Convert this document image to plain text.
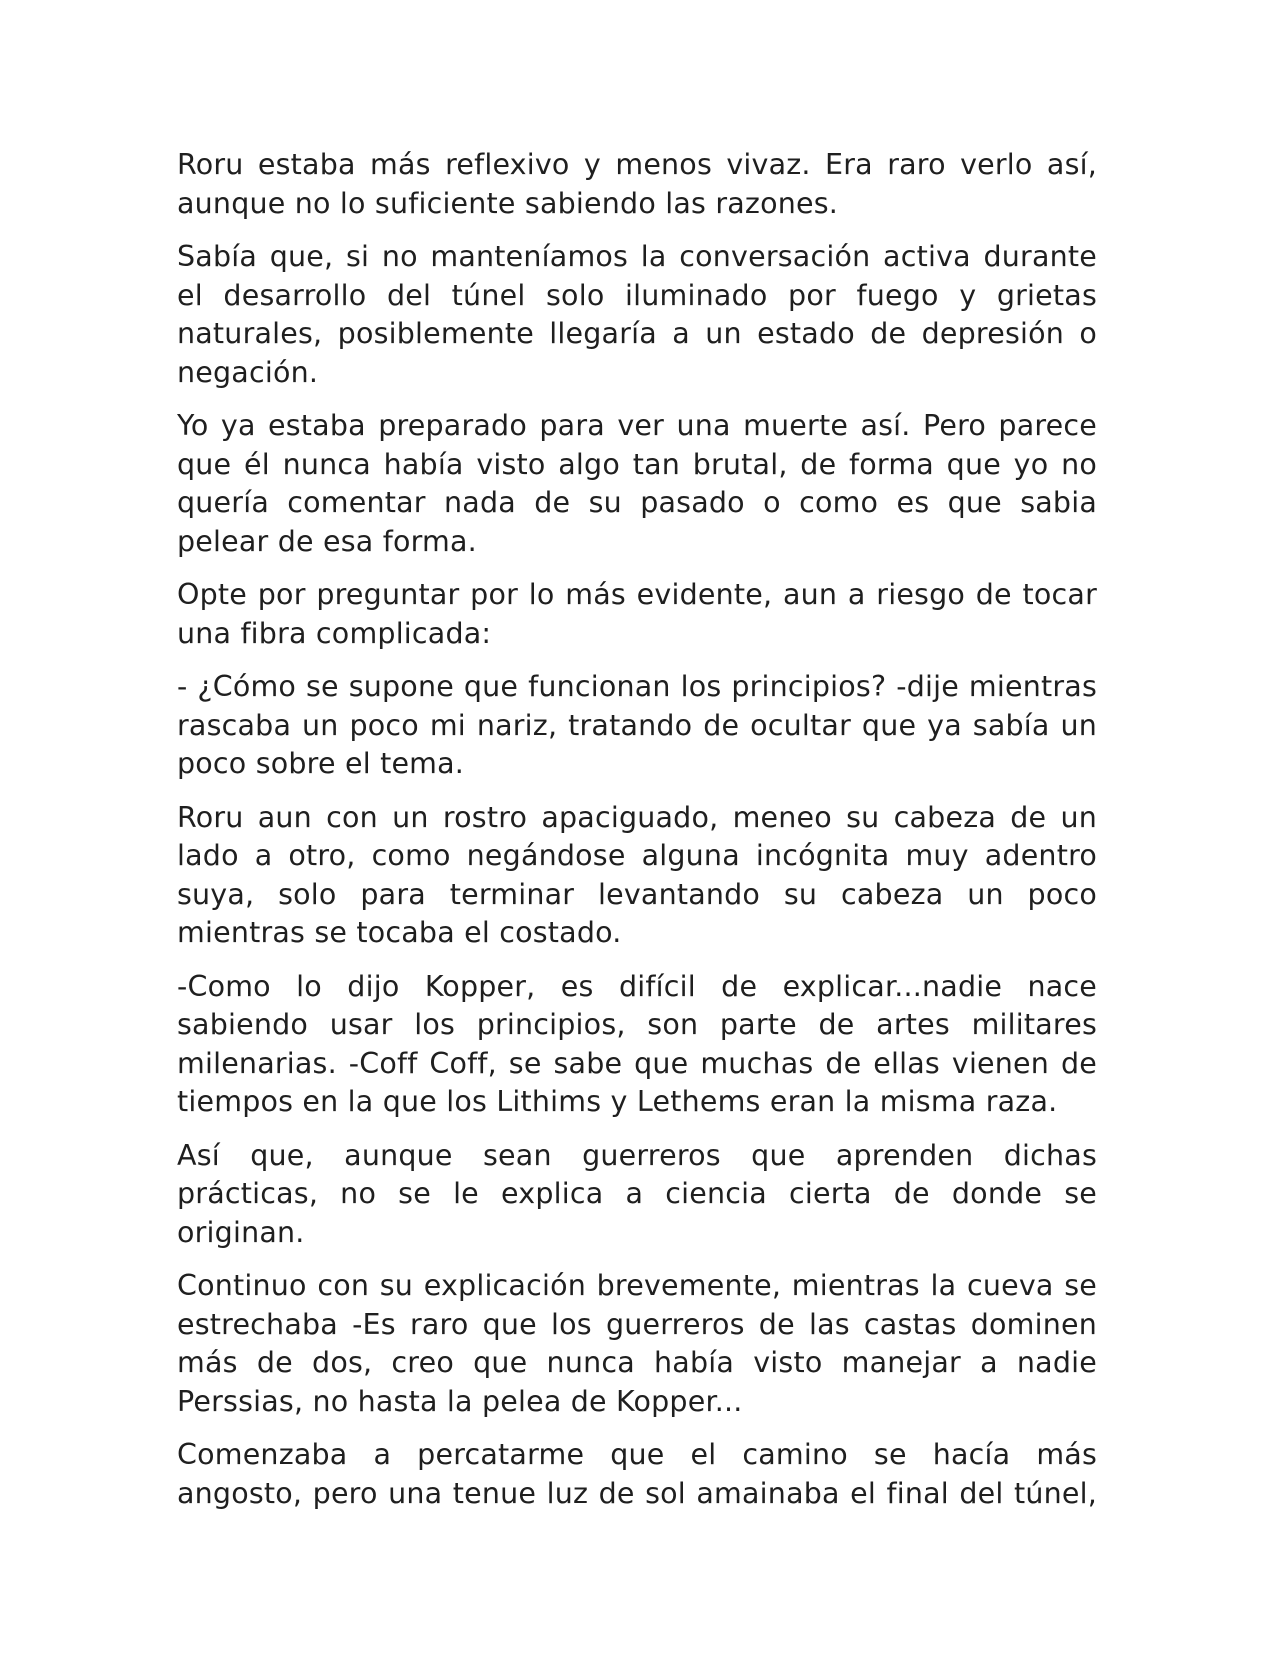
Roru estaba más reflexivo y menos vivaz. Era raro verlo así, aunque no lo suficiente sabiendo las razones.

Sabía que, si no manteníamos la conversación activa durante el desarrollo del túnel solo iluminado por fuego y grietas naturales, posiblemente llegaría a un estado de depresión o negación.

Yo ya estaba preparado para ver una muerte así. Pero parece que él nunca había visto algo tan brutal, de forma que yo no quería comentar nada de su pasado o como es que sabia pelear de esa forma.

Opte por preguntar por lo más evidente, aun a riesgo de tocar una fibra complicada:

- ¿Cómo se supone que funcionan los principios? -dije mientras rascaba un poco mi nariz, tratando de ocultar que ya sabía un poco sobre el tema.

Roru aun con un rostro apaciguado, meneo su cabeza de un lado a otro, como negándose alguna incógnita muy adentro suya, solo para terminar levantando su cabeza un poco mientras se tocaba el costado.

-Como lo dijo Kopper, es difícil de explicar...nadie nace sabiendo usar los principios, son parte de artes militares milenarias. -Coff Coff, se sabe que muchas de ellas vienen de tiempos en la que los Lithims y Lethems eran la misma raza.

Así que, aunque sean guerreros que aprenden dichas prácticas, no se le explica a ciencia cierta de donde se originan.

Continuo con su explicación brevemente, mientras la cueva se estrechaba -Es raro que los guerreros de las castas dominen más de dos, creo que nunca había visto manejar a nadie Perssias, no hasta la pelea de Kopper...

Comenzaba a percatarme que el camino se hacía más angosto, pero una tenue luz de sol amainaba el final del túnel,
